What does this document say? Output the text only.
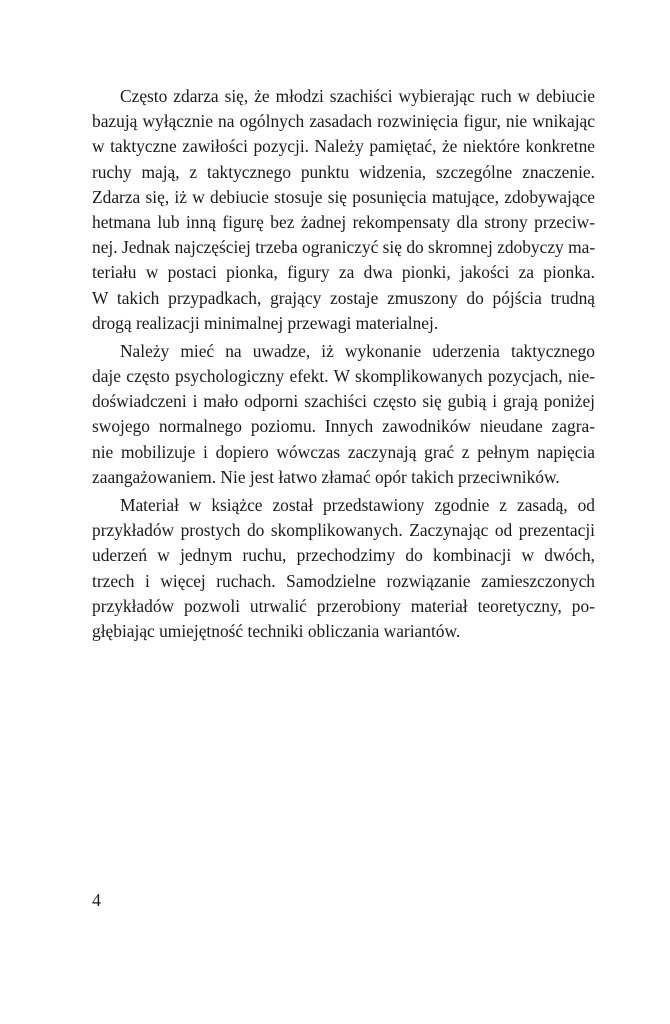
Często zdarza się, że młodzi szachiści wybierając ruch w debiucie
bazują wyłącznie na ogólnych zasadach rozwinięcia figur, nie wnikając
w taktyczne zawiłości pozycji. Należy pamiętać, że niektóre konkretne
ruchy mają, z taktycznego punktu widzenia, szczególne znaczenie.
Zdarza się, iż w debiucie stosuje się posunięcia matujące, zdobywające
hetmana lub inną figurę bez żadnej rekompensaty dla strony przeciw-
nej. Jednak najczęściej trzeba ograniczyć się do skromnej zdobyczy ma-
teriału w postaci pionka, figury za dwa pionki, jakości za pionka.
W takich przypadkach, grający zostaje zmuszony do pójścia trudną
drogą realizacji minimalnej przewagi materialnej.
Należy mieć na uwadze, iż wykonanie uderzenia taktycznego
daje często psychologiczny efekt. W skomplikowanych pozycjach, nie-
doświadczeni i mało odporni szachiści często się gubią i grają poniżej
swojego normalnego poziomu. Innych zawodników nieudane zagra-
nie mobilizuje i dopiero wówczas zaczynają grać z pełnym napięcia
zaangażowaniem. Nie jest łatwo złamać opór takich przeciwników.
Materiał w książce został przedstawiony zgodnie z zasadą, od
przykładów prostych do skomplikowanych. Zaczynając od prezentacji
uderzeń w jednym ruchu, przechodzimy do kombinacji w dwóch,
trzech i więcej ruchach. Samodzielne rozwiązanie zamieszczonych
przykładów pozwoli utrwalić przerobiony materiał teoretyczny, po-
głębiając umiejętność techniki obliczania wariantów.
4
